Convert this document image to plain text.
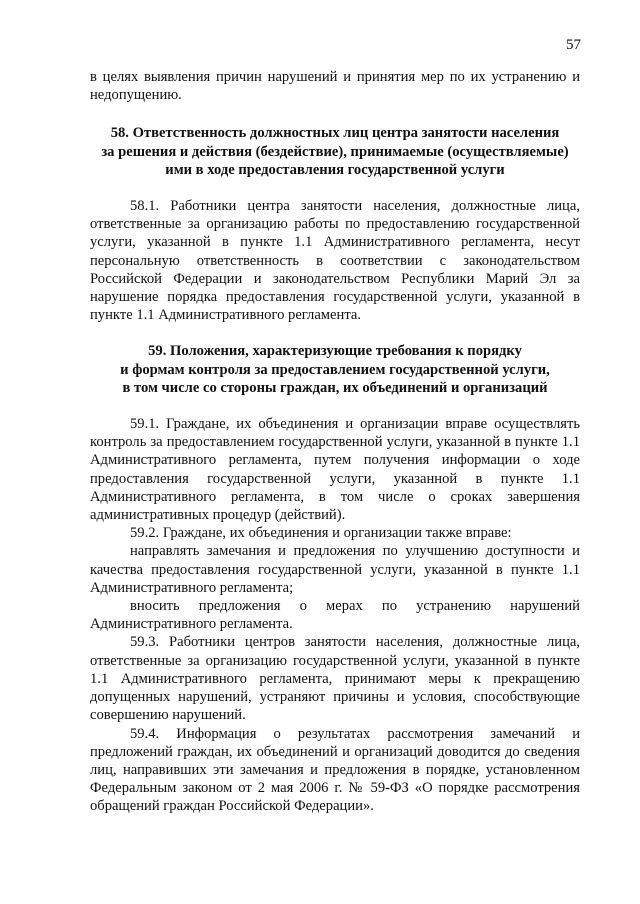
57

в целях выявления причин нарушений и принятия мер по их устранению и недопущению.

58. Ответственность должностных лиц центра занятости населения
за решения и действия (бездействие), принимаемые (осуществляемые)
ими в ходе предоставления государственной услуги

58.1. Работники центра занятости населения, должностные лица, ответственные за организацию работы по предоставлению государственной услуги, указанной в пункте 1.1 Административного регламента, несут персональную ответственность в соответствии с законодательством Российской Федерации и законодательством Республики Марий Эл за нарушение порядка предоставления государственной услуги, указанной в пункте 1.1 Административного регламента.

59. Положения, характеризующие требования к порядку
и формам контроля за предоставлением государственной услуги,
в том числе со стороны граждан, их объединений и организаций

59.1. Граждане, их объединения и организации вправе осуществлять контроль за предоставлением государственной услуги, указанной в пункте 1.1 Административного регламента, путем получения информации о ходе предоставления государственной услуги, указанной в пункте 1.1 Административного регламента, в том числе о сроках завершения административных процедур (действий).

59.2. Граждане, их объединения и организации также вправе:

направлять замечания и предложения по улучшению доступности и качества предоставления государственной услуги, указанной в пункте 1.1 Административного регламента;

вносить предложения о мерах по устранению нарушений Административного регламента.

59.3. Работники центров занятости населения, должностные лица, ответственные за организацию государственной услуги, указанной в пункте 1.1 Административного регламента, принимают меры к прекращению допущенных нарушений, устраняют причины и условия, способствующие совершению нарушений.

59.4. Информация о результатах рассмотрения замечаний и предложений граждан, их объединений и организаций доводится до сведения лиц, направивших эти замечания и предложения в порядке, установленном Федеральным законом от 2 мая 2006 г. № 59-ФЗ «О порядке рассмотрения обращений граждан Российской Федерации».
